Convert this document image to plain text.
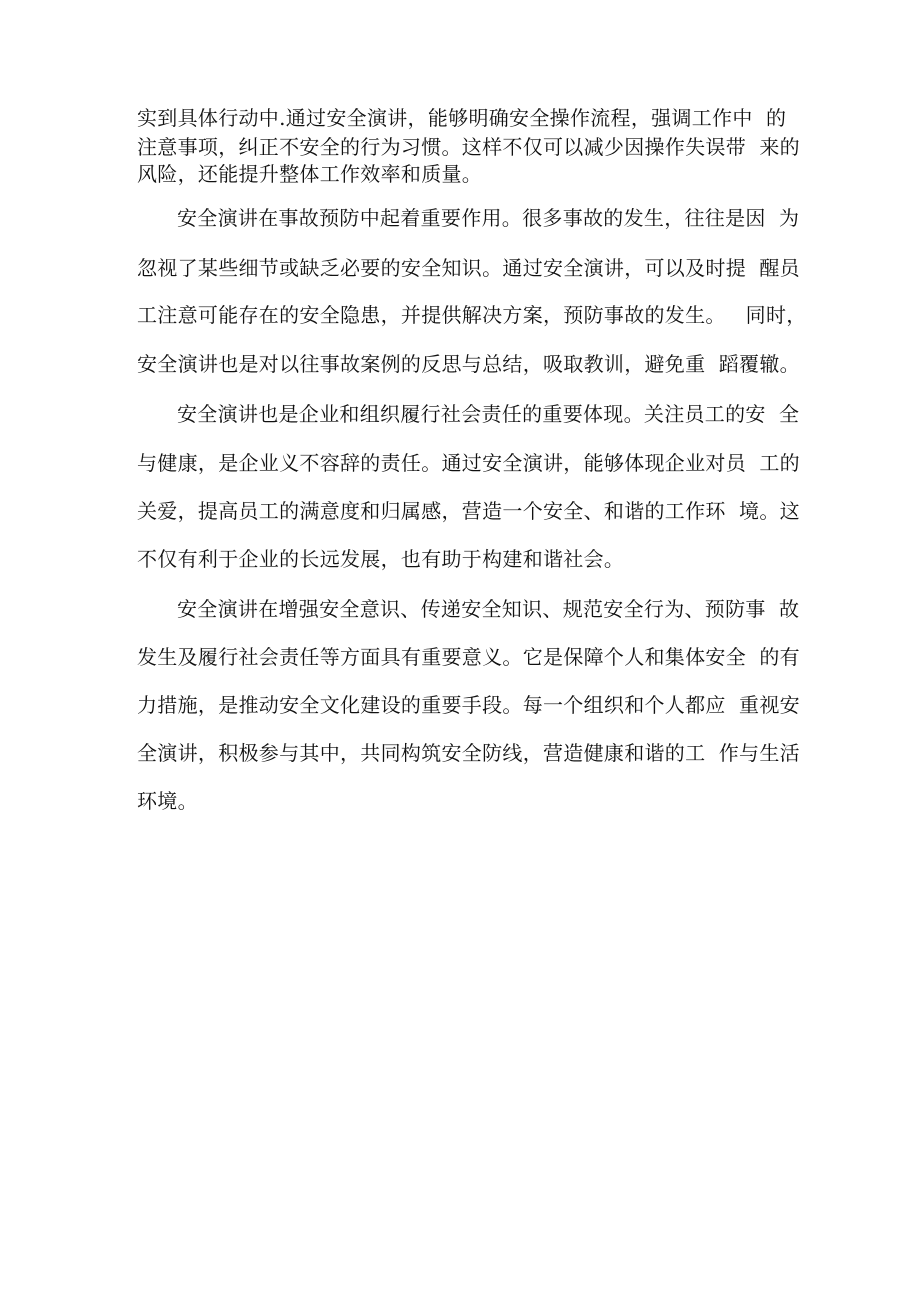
实到具体行动中.通过安全演讲，能够明确安全操作流程，强调工作中  的

注意事项，纠正不安全的行为习惯。这样不仅可以减少因操作失误带  来的

风险，还能提升整体工作效率和质量。

安全演讲在事故预防中起着重要作用。很多事故的发生，往往是因  为

忽视了某些细节或缺乏必要的安全知识。通过安全演讲，可以及时提  醒员

工注意可能存在的安全隐患，并提供解决方案，预防事故的发生。   同时，

安全演讲也是对以往事故案例的反思与总结，吸取教训，避免重  蹈覆辙。

安全演讲也是企业和组织履行社会责任的重要体现。关注员工的安  全

与健康，是企业义不容辞的责任。通过安全演讲，能够体现企业对员  工的

关爱，提高员工的满意度和归属感，营造一个安全、和谐的工作环  境。这

不仅有利于企业的长远发展，也有助于构建和谐社会。

安全演讲在增强安全意识、传递安全知识、规范安全行为、预防事  故

发生及履行社会责任等方面具有重要意义。它是保障个人和集体安全  的有

力措施，是推动安全文化建设的重要手段。每一个组织和个人都应  重视安

全演讲，积极参与其中，共同构筑安全防线，营造健康和谐的工  作与生活

环境。
